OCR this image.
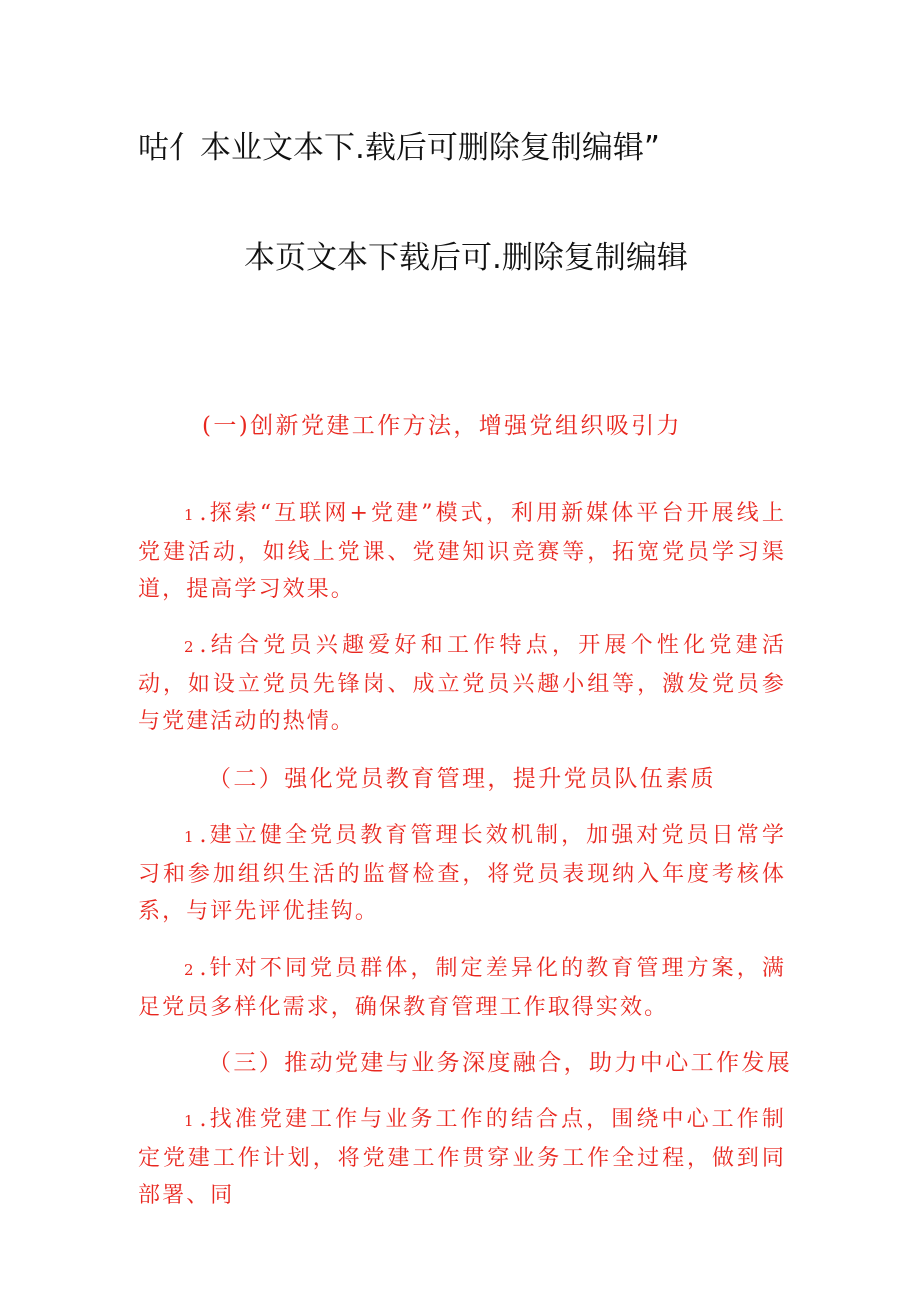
咕亻本业文本下.载后可删除复制编辑”
本页文本下载后可.删除复制编辑
(一)创新党建工作方法，增强党组织吸引力

1 .探索“互联网+党建”模式，利用新媒体平台开展线上党建活动，如线上党课、党建知识竞赛等，拓宽党员学习渠道，提高学习效果。

2 .结合党员兴趣爱好和工作特点，开展个性化党建活动，如设立党员先锋岗、成立党员兴趣小组等，激发党员参与党建活动的热情。

（二）强化党员教育管理，提升党员队伍素质

1 .建立健全党员教育管理长效机制，加强对党员日常学习和参加组织生活的监督检查，将党员表现纳入年度考核体系，与评先评优挂钩。

2 .针对不同党员群体，制定差异化的教育管理方案，满足党员多样化需求，确保教育管理工作取得实效。

（三）推动党建与业务深度融合，助力中心工作发展

1 .找准党建工作与业务工作的结合点，围绕中心工作制定党建工作计划，将党建工作贯穿业务工作全过程，做到同部署、同
